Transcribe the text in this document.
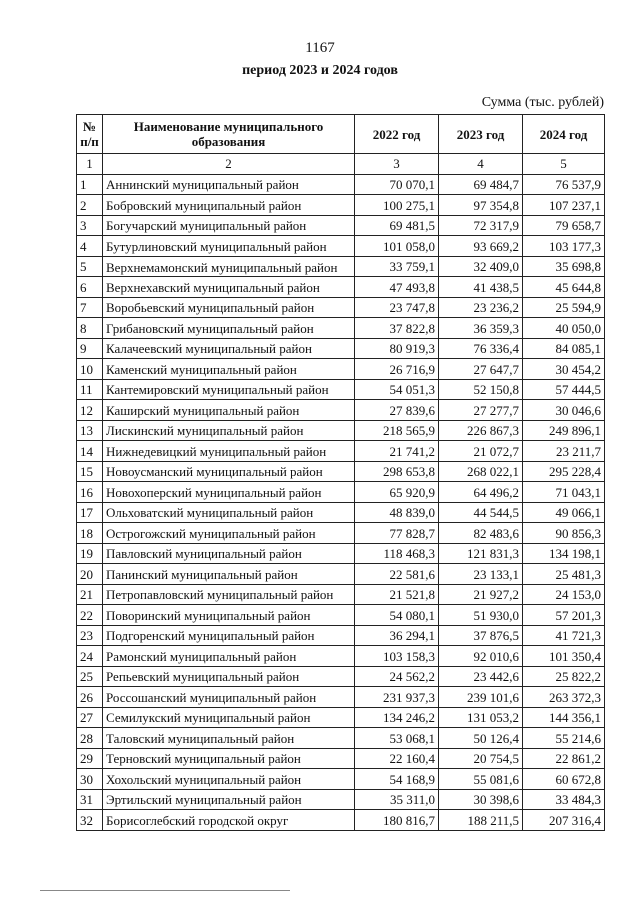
1167
период 2023 и 2024 годов
Сумма (тыс. рублей)
№ п/п	Наименование муниципального образования	2022 год	2023 год	2024 год
1	2	3	4	5
1	Аннинский муниципальный район	70 070,1	69 484,7	76 537,9
2	Бобровский муниципальный район	100 275,1	97 354,8	107 237,1
3	Богучарский муниципальный район	69 481,5	72 317,9	79 658,7
4	Бутурлиновский муниципальный район	101 058,0	93 669,2	103 177,3
5	Верхнемамонский муниципальный район	33 759,1	32 409,0	35 698,8
6	Верхнехавский муниципальный район	47 493,8	41 438,5	45 644,8
7	Воробьевский муниципальный район	23 747,8	23 236,2	25 594,9
8	Грибановский муниципальный район	37 822,8	36 359,3	40 050,0
9	Калачеевский муниципальный район	80 919,3	76 336,4	84 085,1
10	Каменский муниципальный район	26 716,9	27 647,7	30 454,2
11	Кантемировский муниципальный район	54 051,3	52 150,8	57 444,5
12	Каширский муниципальный район	27 839,6	27 277,7	30 046,6
13	Лискинский муниципальный район	218 565,9	226 867,3	249 896,1
14	Нижнедевицкий муниципальный район	21 741,2	21 072,7	23 211,7
15	Новоусманский муниципальный район	298 653,8	268 022,1	295 228,4
16	Новохоперский муниципальный район	65 920,9	64 496,2	71 043,1
17	Ольховатский муниципальный район	48 839,0	44 544,5	49 066,1
18	Острогожский муниципальный район	77 828,7	82 483,6	90 856,3
19	Павловский муниципальный район	118 468,3	121 831,3	134 198,1
20	Панинский муниципальный район	22 581,6	23 133,1	25 481,3
21	Петропавловский муниципальный район	21 521,8	21 927,2	24 153,0
22	Поворинский муниципальный район	54 080,1	51 930,0	57 201,3
23	Подгоренский муниципальный район	36 294,1	37 876,5	41 721,3
24	Рамонский муниципальный район	103 158,3	92 010,6	101 350,4
25	Репьевский муниципальный район	24 562,2	23 442,6	25 822,2
26	Россошанский муниципальный район	231 937,3	239 101,6	263 372,3
27	Семилукский муниципальный район	134 246,2	131 053,2	144 356,1
28	Таловский муниципальный район	53 068,1	50 126,4	55 214,6
29	Терновский муниципальный район	22 160,4	20 754,5	22 861,2
30	Хохольский муниципальный район	54 168,9	55 081,6	60 672,8
31	Эртильский муниципальный район	35 311,0	30 398,6	33 484,3
32	Борисоглебский городской округ	180 816,7	188 211,5	207 316,4
